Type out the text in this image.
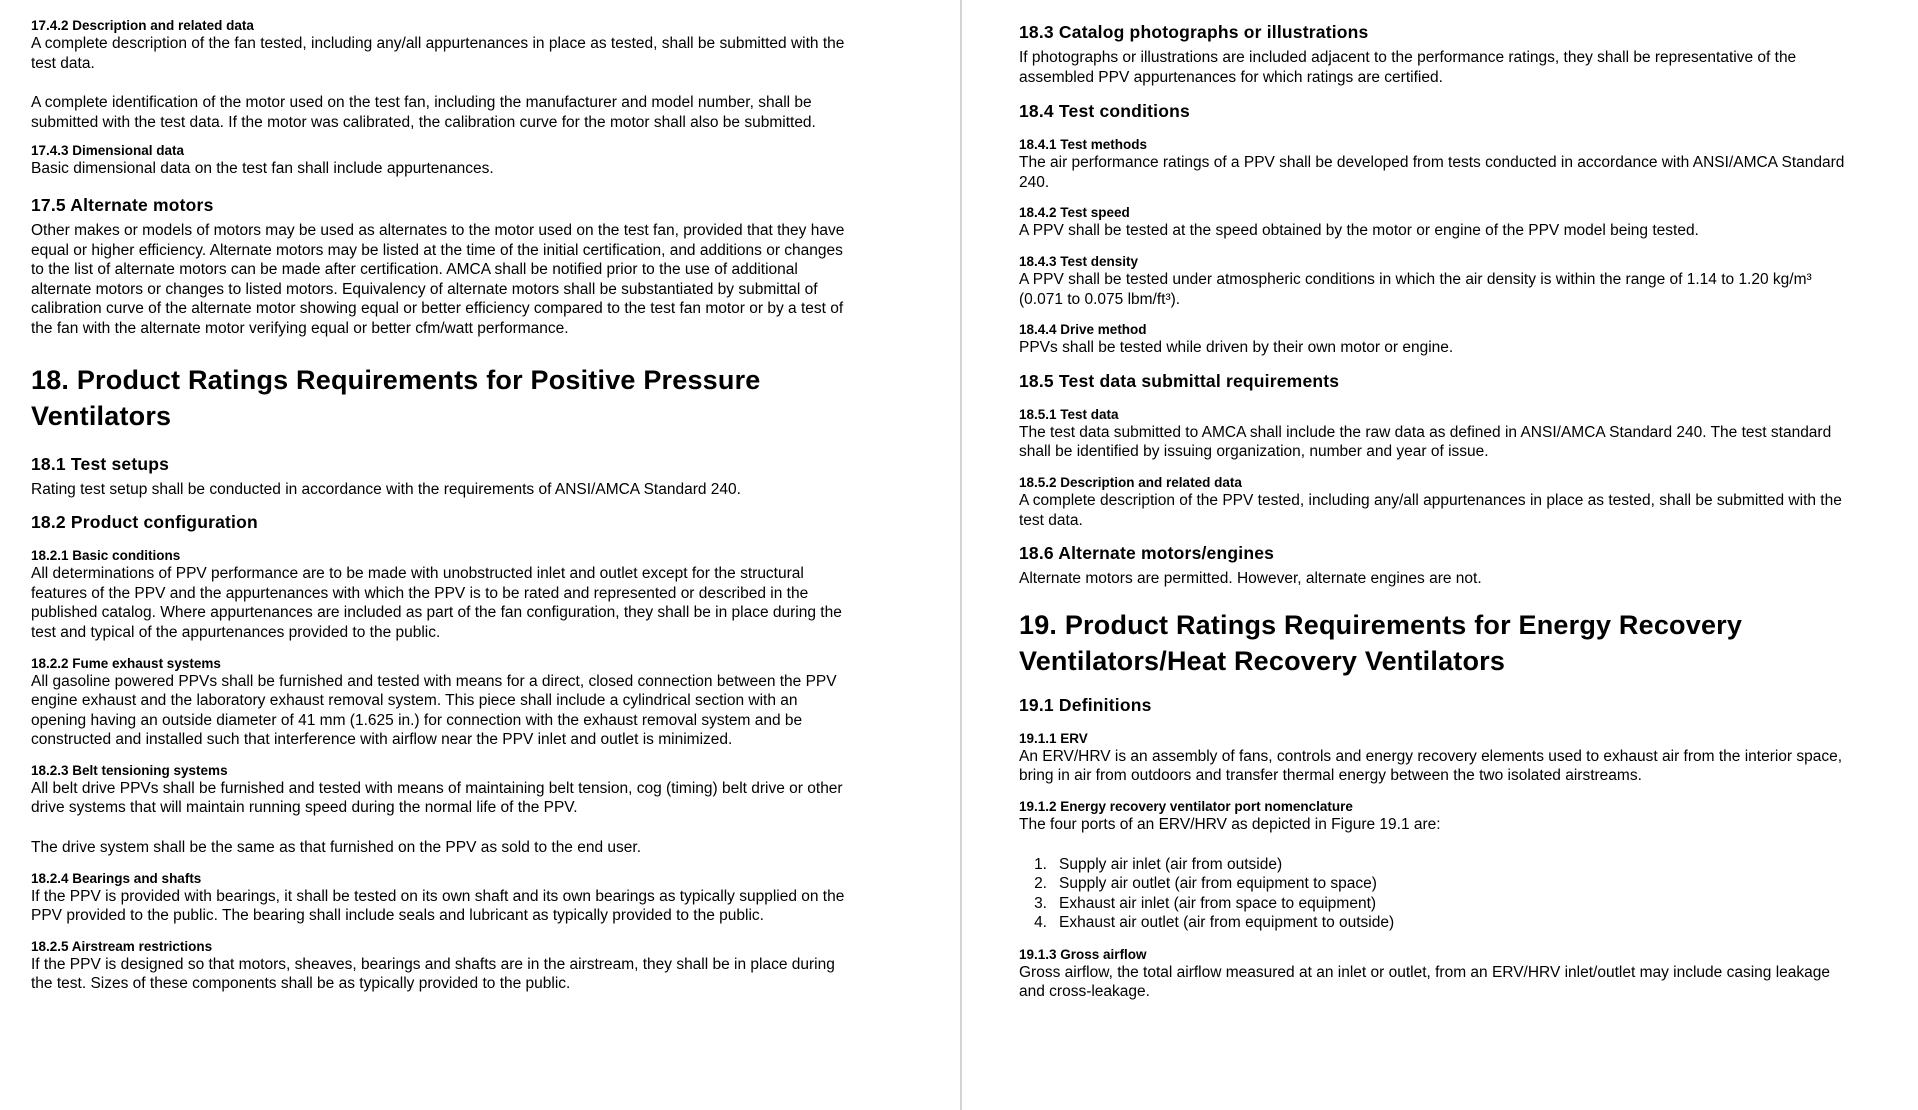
17.4.2 Description and related data
A complete description of the fan tested, including any/all appurtenances in place as tested, shall be submitted with the test data.
A complete identification of the motor used on the test fan, including the manufacturer and model number, shall be submitted with the test data. If the motor was calibrated, the calibration curve for the motor shall also be submitted.
17.4.3 Dimensional data
Basic dimensional data on the test fan shall include appurtenances.
17.5 Alternate motors
Other makes or models of motors may be used as alternates to the motor used on the test fan, provided that they have equal or higher efficiency. Alternate motors may be listed at the time of the initial certification, and additions or changes to the list of alternate motors can be made after certification. AMCA shall be notified prior to the use of additional alternate motors or changes to listed motors. Equivalency of alternate motors shall be substantiated by submittal of calibration curve of the alternate motor showing equal or better efficiency compared to the test fan motor or by a test of the fan with the alternate motor verifying equal or better cfm/watt performance.
18. Product Ratings Requirements for Positive Pressure Ventilators
18.1 Test setups
Rating test setup shall be conducted in accordance with the requirements of ANSI/AMCA Standard 240.
18.2 Product configuration
18.2.1 Basic conditions
All determinations of PPV performance are to be made with unobstructed inlet and outlet except for the structural features of the PPV and the appurtenances with which the PPV is to be rated and represented or described in the published catalog. Where appurtenances are included as part of the fan configuration, they shall be in place during the test and typical of the appurtenances provided to the public.
18.2.2 Fume exhaust systems
All gasoline powered PPVs shall be furnished and tested with means for a direct, closed connection between the PPV engine exhaust and the laboratory exhaust removal system. This piece shall include a cylindrical section with an opening having an outside diameter of 41 mm (1.625 in.) for connection with the exhaust removal system and be constructed and installed such that interference with airflow near the PPV inlet and outlet is minimized.
18.2.3 Belt tensioning systems
All belt drive PPVs shall be furnished and tested with means of maintaining belt tension, cog (timing) belt drive or other drive systems that will maintain running speed during the normal life of the PPV.
The drive system shall be the same as that furnished on the PPV as sold to the end user.
18.2.4 Bearings and shafts
If the PPV is provided with bearings, it shall be tested on its own shaft and its own bearings as typically supplied on the PPV provided to the public. The bearing shall include seals and lubricant as typically provided to the public.
18.2.5 Airstream restrictions
If the PPV is designed so that motors, sheaves, bearings and shafts are in the airstream, they shall be in place during the test. Sizes of these components shall be as typically provided to the public.
18.3 Catalog photographs or illustrations
If photographs or illustrations are included adjacent to the performance ratings, they shall be representative of the assembled PPV appurtenances for which ratings are certified.
18.4 Test conditions
18.4.1 Test methods
The air performance ratings of a PPV shall be developed from tests conducted in accordance with ANSI/AMCA Standard 240.
18.4.2 Test speed
A PPV shall be tested at the speed obtained by the motor or engine of the PPV model being tested.
18.4.3 Test density
A PPV shall be tested under atmospheric conditions in which the air density is within the range of 1.14 to 1.20 kg/m³ (0.071 to 0.075 lbm/ft³).
18.4.4 Drive method
PPVs shall be tested while driven by their own motor or engine.
18.5 Test data submittal requirements
18.5.1 Test data
The test data submitted to AMCA shall include the raw data as defined in ANSI/AMCA Standard 240. The test standard shall be identified by issuing organization, number and year of issue.
18.5.2 Description and related data
A complete description of the PPV tested, including any/all appurtenances in place as tested, shall be submitted with the test data.
18.6 Alternate motors/engines
Alternate motors are permitted. However, alternate engines are not.
19. Product Ratings Requirements for Energy Recovery Ventilators/Heat Recovery Ventilators
19.1 Definitions
19.1.1 ERV
An ERV/HRV is an assembly of fans, controls and energy recovery elements used to exhaust air from the interior space, bring in air from outdoors and transfer thermal energy between the two isolated airstreams.
19.1.2 Energy recovery ventilator port nomenclature
The four ports of an ERV/HRV as depicted in Figure 19.1 are:
1. Supply air inlet (air from outside)
2. Supply air outlet (air from equipment to space)
3. Exhaust air inlet (air from space to equipment)
4. Exhaust air outlet (air from equipment to outside)
19.1.3 Gross airflow
Gross airflow, the total airflow measured at an inlet or outlet, from an ERV/HRV inlet/outlet may include casing leakage and cross-leakage.
